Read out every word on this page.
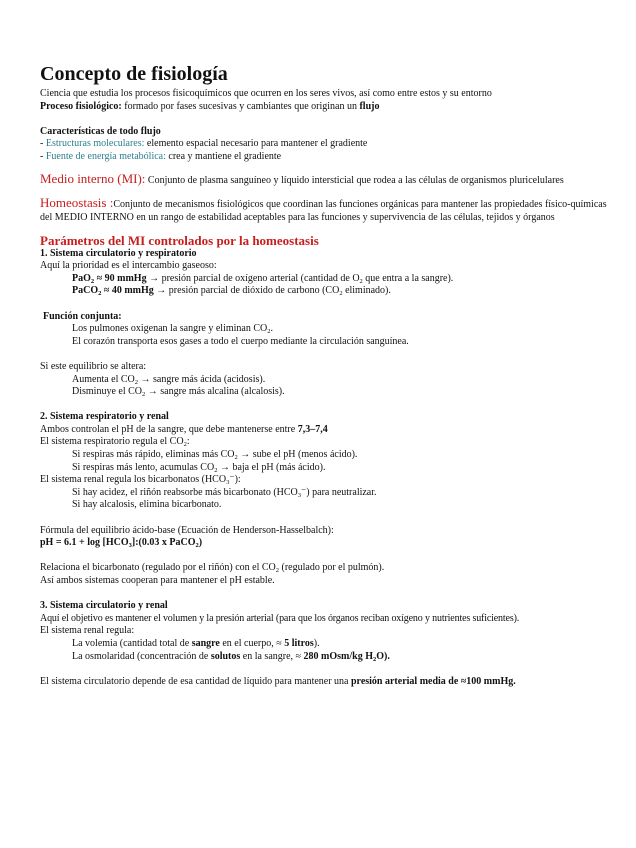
Concepto de fisiología

Ciencia que estudia los procesos fisicoquímicos que ocurren en los seres vivos, así como entre estos y su entorno

Proceso fisiológico: formado por fases sucesivas y cambiantes que originan un flujo

Características de todo flujo

- Estructuras moleculares: elemento espacial necesario para mantener el gradiente

- Fuente de energía metabólica: crea y mantiene el gradiente

Medio interno (MI): Conjunto de plasma sanguíneo y líquido intersticial que rodea a las células de organismos pluricelulares

Homeostasis :Conjunto de mecanismos fisiológicos que coordinan las funciones orgánicas para mantener las propiedades físico-químicas del MEDIO INTERNO en un rango de estabilidad aceptables para las funciones y supervivencia de las células, tejidos y órganos

Parámetros del MI controlados por la homeostasis

1. Sistema circulatorio y respiratorio

Aquí la prioridad es el intercambio gaseoso:

PaO$_2$ ≈ 90 mmHg → presión parcial de oxígeno arterial (cantidad de $O_2$ que entra a la sangre).

PaCO$_2$ ≈ 40 mmHg → presión parcial de dióxido de carbono ($CO_2$ eliminado).

Función conjunta:

Los pulmones oxigenan la sangre y eliminan $CO_2$.

El corazón transporta esos gases a todo el cuerpo mediante la circulación sanguínea.

Si este equilibrio se altera:

Aumenta el $CO_2$ → sangre más ácida (acidosis).

Disminuye el $CO_2$ → sangre más alcalina (alcalosis).

2. Sistema respiratorio y renal

Ambos controlan el pH de la sangre, que debe mantenerse entre 7,3–7,4

El sistema respiratorio regula el $CO_2$:

Si respiras más rápido, eliminas más $CO_2$ → sube el pH (menos ácido).

Si respiras más lento, acumulas $CO_2$ → baja el pH (más ácido).

El sistema renal regula los bicarbonatos $(HCO_3^-)$:

Si hay acidez, el riñón reabsorbe más bicarbonato $(HCO_3^-)$ para neutralizar.

Si hay alcalosis, elimina bicarbonato.

Fórmula del equilibrio ácido-base (Ecuación de Henderson-Hasselbalch):

pH = $6.1 + \log [HCO_3]:(0.03$ x PaCO$_2$)

Relaciona el bicarbonato (regulado por el riñón) con el $CO_2$ (regulado por el pulmón).

Así ambos sistemas cooperan para mantener el pH estable.

3. Sistema circulatorio y renal

Aquí el objetivo es mantener el volumen y la presión arterial (para que los órganos reciban oxígeno y nutrientes suficientes).

El sistema renal regula:

La volemia (cantidad total de sangre en el cuerpo, ≈ 5 litros).

La osmolaridad (concentración de solutos en la sangre, ≈ 280 mOsm/kg $H_2O$).

El sistema circulatorio depende de esa cantidad de líquido para mantener una presión arterial media de ≈100 mmHg.
